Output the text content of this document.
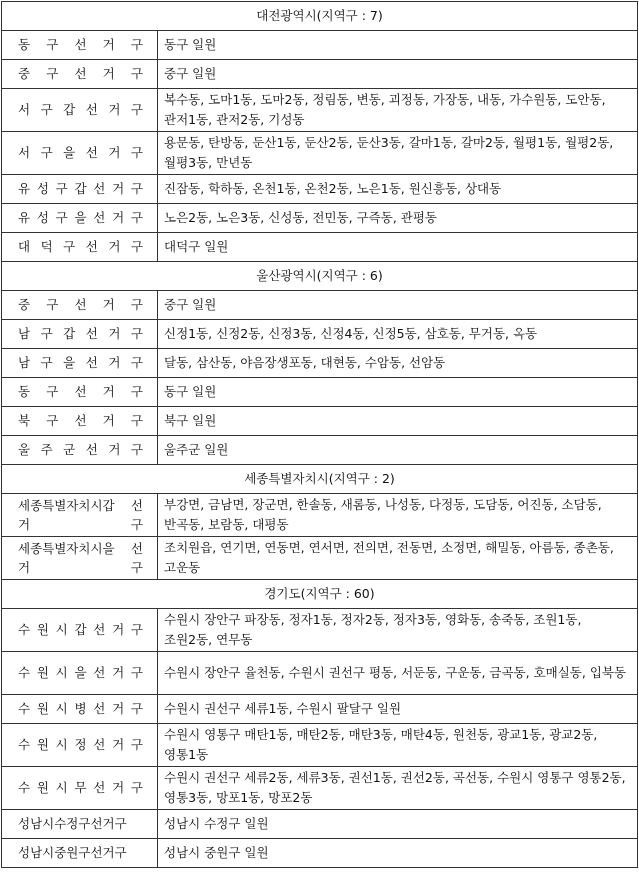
대전광역시(지역구 : 7)	
동 구 선 거 구	동구 일원
중 구 선 거 구	중구 일원
서 구 갑 선 거 구	복수동, 도마1동, 도마2동, 정림동, 변동, 괴정동, 가장동, 내동, 가수원동, 도안동, 관저1동, 관저2동, 기성동
서 구 을 선 거 구	용문동, 탄방동, 둔산1동, 둔산2동, 둔산3동, 갈마1동, 갈마2동, 월평1동, 월평2동, 월평3동, 만년동
유 성 구 갑 선 거 구	진잠동, 학하동, 온천1동, 온천2동, 노은1동, 원신흥동, 상대동
유 성 구 을 선 거 구	노은2동, 노은3동, 신성동, 전민동, 구즉동, 관평동
대 덕 구 선 거 구	대덕구 일원
울산광역시(지역구 : 6)	
중 구 선 거 구	중구 일원
남 구 갑 선 거 구	신정1동, 신정2동, 신정3동, 신정4동, 신정5동, 삼호동, 무거동, 옥동
남 구 을 선 거 구	달동, 삼산동, 야음장생포동, 대현동, 수암동, 선암동
동 구 선 거 구	동구 일원
북 구 선 거 구	북구 일원
울 주 군 선 거 구	울주군 일원
세종특별자치시(지역구 : 2)	
세종특별자치시갑 선 거 구	부강면, 금남면, 장군면, 한솔동, 새롬동, 나성동, 다정동, 도담동, 어진동, 소담동, 반곡동, 보람동, 대평동
세종특별자치시을 선 거 구	조치원읍, 연기면, 연동면, 연서면, 전의면, 전동면, 소정면, 해밀동, 아름동, 종촌동, 고운동
경기도(지역구 : 60)	
수 원 시 갑 선 거 구	수원시 장안구 파장동, 정자1동, 정자2동, 정자3동, 영화동, 송죽동, 조원1동, 조원2동, 연무동
수 원 시 을 선 거 구	수원시 장안구 율천동, 수원시 권선구 평동, 서둔동, 구운동, 금곡동, 호매실동, 입북동
수 원 시 병 선 거 구	수원시 권선구 세류1동, 수원시 팔달구 일원
수 원 시 정 선 거 구	수원시 영통구 매탄1동, 매탄2동, 매탄3동, 매탄4동, 원천동, 광교1동, 광교2동, 영통1동
수 원 시 무 선 거 구	수원시 권선구 세류2동, 세류3동, 권선1동, 권선2동, 곡선동, 수원시 영통구 영통2동, 영통3동, 망포1동, 망포2동
성남시수정구선거구	성남시 수정구 일원
성남시중원구선거구	성남시 중원구 일원
